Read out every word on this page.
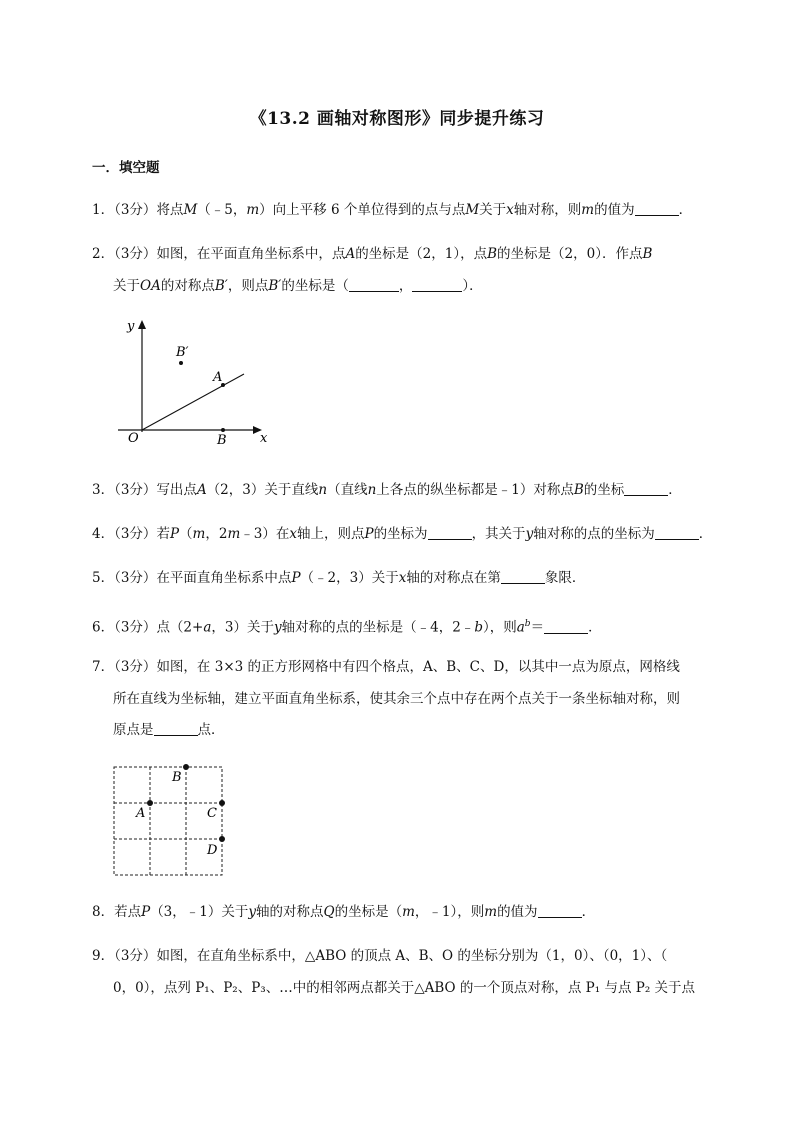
《13.2 画轴对称图形》同步提升练习
一．填空题
1．（3分）将点M（﹣5，m）向上平移 6 个单位得到的点与点M关于x轴对称，则m的值为	．
2．（3分）如图，在平面直角坐标系中，点A的坐标是（2，1），点B的坐标是（2，0）．作点B
关于OA的对称点B′，则点B′的坐标是（	，	）．
y
x
O
A
B
B′
3．（3分）写出点A（2，3）关于直线n（直线n上各点的纵坐标都是﹣1）对称点B的坐标	．
4．（3分）若P（m，2m﹣3）在x轴上，则点P的坐标为	，其关于y轴对称的点的坐标为	．
5．（3分）在平面直角坐标系中点P（﹣2，3）关于x轴的对称点在第	象限．
6．（3分）点（2+a，3）关于y轴对称的点的坐标是（﹣4，2﹣b），则$a^b=$	．
7．（3分）如图，在 3×3 的正方形网格中有四个格点，A、B、C、D，以其中一点为原点，网格线
所在直线为坐标轴，建立平面直角坐标系，使其余三个点中存在两个点关于一条坐标轴对称，则
原点是	点．
B
A	C
D
8．若点P（3，﹣1）关于y轴的对称点Q的坐标是（m，﹣1），则m的值为	．
9．（3分）如图，在直角坐标系中，△ABO 的顶点 A、B、O 的坐标分别为（1，0）、（0，1）、（
0，0），点列 P₁、P₂、P₃、…中的相邻两点都关于△ABO 的一个顶点对称，点 P₁ 与点 P₂ 关于点
